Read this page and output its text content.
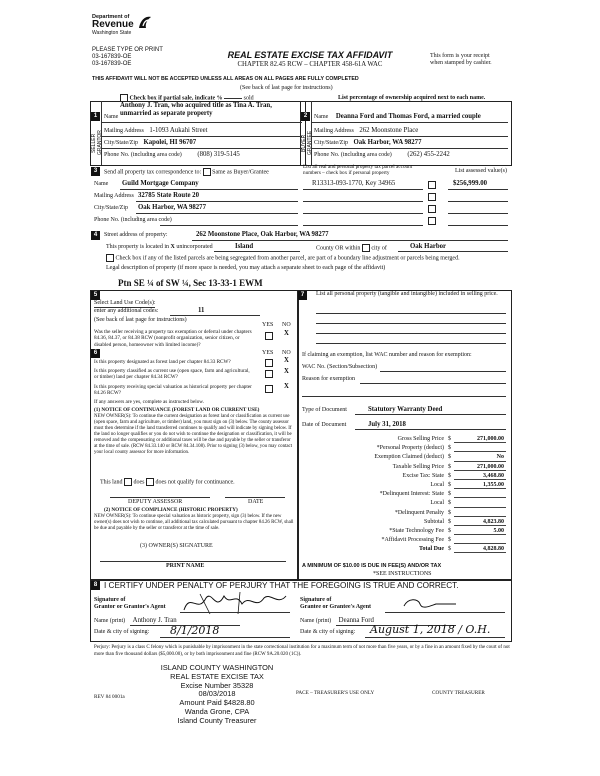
Department of
Revenue
Washington State
PLEASE TYPE OR PRINT
03-167839-OE
03-167839-OE
REAL ESTATE EXCISE TAX AFFIDAVIT
CHAPTER 82.45 RCW – CHAPTER 458-61A WAC
This form is your receipt
when stamped by cashier.
THIS AFFIDAVIT WILL NOT BE ACCEPTED UNLESS ALL AREAS ON ALL PAGES ARE FULLY COMPLETED
(See back of last page for instructions)
Check box if partial sale, indicate %	sold	List percentage of ownership acquired next to each name.
1
SELLER GRANTOR
Anthony J. Tran, who acquired title as Tina A. Tran,
unmarried as separate property
Name
Mailing Address 1-1093 Aukahi Street
City/State/Zip Kapolei, HI 96707
Phone No. (including area code) (808) 319-5145
2
BUYER GRANTEE
Name Deanna Ford and Thomas Ford, a married couple
Mailing Address 262 Moonstone Place
City/State/Zip Oak Harbor, WA 98277
Phone No. (including area code) (262) 455-2242
3	Send all property tax correspondence to: Same as Buyer/Grantee
Name Guild Mortgage Company
Mailing Address 32785 State Route 20
City/State/Zip Oak Harbor, WA 98277
Phone No. (including area code)
List all real and personal property tax parcel account
numbers – check box if personal property	List assessed value(s)
R13313-093-1770, Key 34965	$256,999.00
4	Street address of property:	262 Moonstone Place, Oak Harbor, WA 98277
This property is located in X unincorporated	Island	County OR within city of	Oak Harbor
Check box if any of the listed parcels are being segregated from another parcel, are part of a boundary line adjustment or parcels being merged.
Legal description of property (if more space is needed, you may attach a separate sheet to each page of the affidavit)
Ptn SE ¼ of SW ¼, Sec 13-33-1 EWM
5
Select Land Use Code(s):
enter any additional codes:	11
(See back of last page for instructions)
YES NO
Was the seller receiving a property tax exemption or deferral under chapters 84.36, 84.37, or 84.38 RCW (nonprofit organization, senior citizen, or disabled person, homeowner with limited income)?
X
6	YES NO
Is this property designated as forest land per chapter 84.33 RCW?	X
Is this property classified as current use (open space, farm and agricultural, or timber) land per chapter 84.34 RCW?
X
Is this property receiving special valuation as historical property per chapter 84.26 RCW?
X
If any answers are yes, complete as instructed below.
(1) NOTICE OF CONTINUANCE (FOREST LAND OR CURRENT USE)
NEW OWNER(S): To continue the current designation as forest land or classification as current use (open space, farm and agriculture, or timber) land, you must sign on (3) below. The county assessor must then determine if the land transferred continues to qualify and will indicate by signing below. If the land no longer qualifies or you do not wish to continue the designation or classification, it will be removed and the compensating or additional taxes will be due and payable by the seller or transferor at the time of sale. (RCW 84.33.140 or RCW 84.34.108). Prior to signing (3) below, you may contact your local county assessor for more information.
This land does does not qualify for continuance.
DEPUTY ASSESSOR	DATE
(2) NOTICE OF COMPLIANCE (HISTORIC PROPERTY)
NEW OWNER(S): To continue special valuation as historic property, sign (3) below. If the new owner(s) does not wish to continue, all additional tax calculated pursuant to chapter 84.26 RCW, shall be due and payable by the seller or transferor at the time of sale.
(3) OWNER(S) SIGNATURE
PRINT NAME
7	List all personal property (tangible and intangible) included in selling price.
If claiming an exemption, list WAC number and reason for exemption:
WAC No. (Section/Subsection)
Reason for exemption
Type of Document	Statutory Warranty Deed
Date of Document	July 31, 2018
Gross Selling Price $	271,000.00
*Personal Property (deduct) $
Exemption Claimed (deduct) $	No
Taxable Selling Price $	271,000.00
Excise Tax: State $	3,468.80
Local $	1,355.00
*Delinquent Interest: State $
Local $
*Delinquent Penalty $
Subtotal $	4,823.80
*State Technology Fee $	5.00
*Affidavit Processing Fee $
Total Due $	4,828.80
A MINIMUM OF $10.00 IS DUE IN FEE(S) AND/OR TAX
*SEE INSTRUCTIONS
8 I CERTIFY UNDER PENALTY OF PERJURY THAT THE FOREGOING IS TRUE AND CORRECT.
Signature of
Grantor or Grantor's Agent
Signature of
Grantee or Grantee's Agent
Name (print) Anthony J. Tran	Name (print) Deanna Ford
Date & city of signing: 8/1/2018	Date & city of signing: August 1, 2018 / O.H.
Perjury: Perjury is a class C felony which is punishable by imprisonment in the state correctional institution for a maximum term of not more than five years, or by a fine in an amount fixed by the court of not more than five thousand dollars ($5,000.00), or by both imprisonment and fine (RCW 9A.20.020 (1C)).
ISLAND COUNTY WASHINGTON
REAL ESTATE EXCISE TAX
Excise Number 35328
08/03/2018
Amount Paid $4828.80
Wanda Grone, CPA
Island County Treasurer
REV 84 0001a
PACE – TREASURER'S USE ONLY	COUNTY TREASURER
